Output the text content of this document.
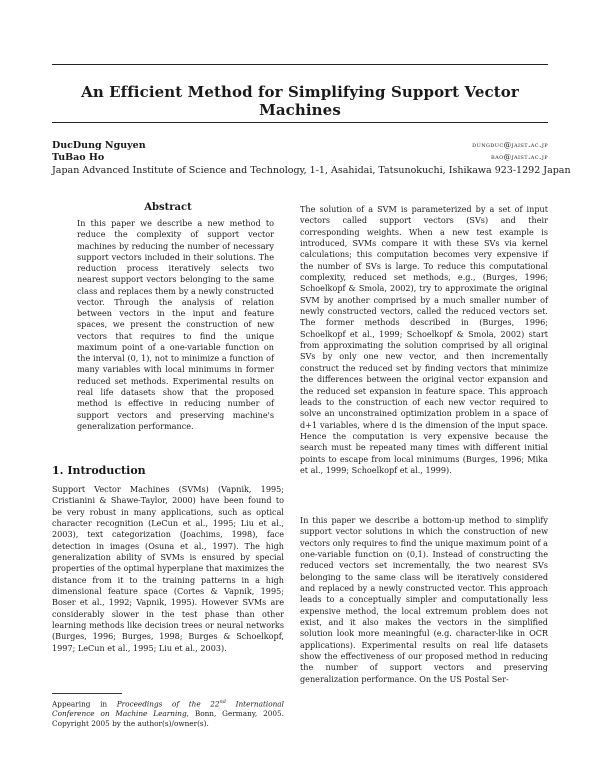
An Efficient Method for Simplifying Support Vector Machines
DucDung Nguyen	dungduc@jaist.ac.jp
TuBao Ho	bao@jaist.ac.jp

Japan Advanced Institute of Science and Technology, 1-1, Asahidai, Tatsunokuchi, Ishikawa 923-1292 Japan

Abstract

In this paper we describe a new method to reduce the complexity of support vector machines by reducing the number of necessary support vectors included in their solutions. The reduction process iteratively selects two nearest support vectors belonging to the same class and replaces them by a newly constructed vector. Through the analysis of relation between vectors in the input and feature spaces, we present the construction of new vectors that requires to find the unique maximum point of a one-variable function on the interval (0, 1), not to minimize a function of many variables with local minimums in former reduced set methods. Experimental results on real life datasets show that the proposed method is effective in reducing number of support vectors and preserving machine's generalization performance.

1. Introduction

Support Vector Machines (SVMs) (Vapnik, 1995; Cristianini & Shawe-Taylor, 2000) have been found to be very robust in many applications, such as optical character recognition (LeCun et al., 1995; Liu et al., 2003), text categorization (Joachims, 1998), face detection in images (Osuna et al., 1997). The high generalization ability of SVMs is ensured by special properties of the optimal hyperplane that maximizes the distance from it to the training patterns in a high dimensional feature space (Cortes & Vapnik, 1995; Boser et al., 1992; Vapnik, 1995). However SVMs are considerably slower in the test phase than other learning methods like decision trees or neural networks (Burges, 1996; Burges, 1998; Burges & Schoelkopf, 1997; LeCun et al., 1995; Liu et al., 2003).

Appearing in Proceedings of the 22nd International Conference on Machine Learning, Bonn, Germany, 2005. Copyright 2005 by the author(s)/owner(s).

The solution of a SVM is parameterized by a set of input vectors called support vectors (SVs) and their corresponding weights. When a new test example is introduced, SVMs compare it with these SVs via kernel calculations; this computation becomes very expensive if the number of SVs is large. To reduce this computational complexity, reduced set methods, e.g., (Burges, 1996; Schoelkopf & Smola, 2002), try to approximate the original SVM by another comprised by a much smaller number of newly constructed vectors, called the reduced vectors set. The former methods described in (Burges, 1996; Schoelkopf et al., 1999; Schoelkopf & Smola, 2002) start from approximating the solution comprised by all original SVs by only one new vector, and then incrementally construct the reduced set by finding vectors that minimize the differences between the original vector expansion and the reduced set expansion in feature space. This approach leads to the construction of each new vector required to solve an unconstrained optimization problem in a space of d+1 variables, where d is the dimension of the input space. Hence the computation is very expensive because the search must be repeated many times with different initial points to escape from local minimums (Burges, 1996; Mika et al., 1999; Schoelkopf et al., 1999).

In this paper we describe a bottom-up method to simplify support vector solutions in which the construction of new vectors only requires to find the unique maximum point of a one-variable function on (0,1). Instead of constructing the reduced vectors set incrementally, the two nearest SVs belonging to the same class will be iteratively considered and replaced by a newly constructed vector. This approach leads to a conceptually simpler and computationally less expensive method, the local extremum problem does not exist, and it also makes the vectors in the simplified solution look more meaningful (e.g. character-like in OCR applications). Experimental results on real life datasets show the effectiveness of our proposed method in reducing the number of support vectors and preserving generalization performance. On the US Postal Ser-
